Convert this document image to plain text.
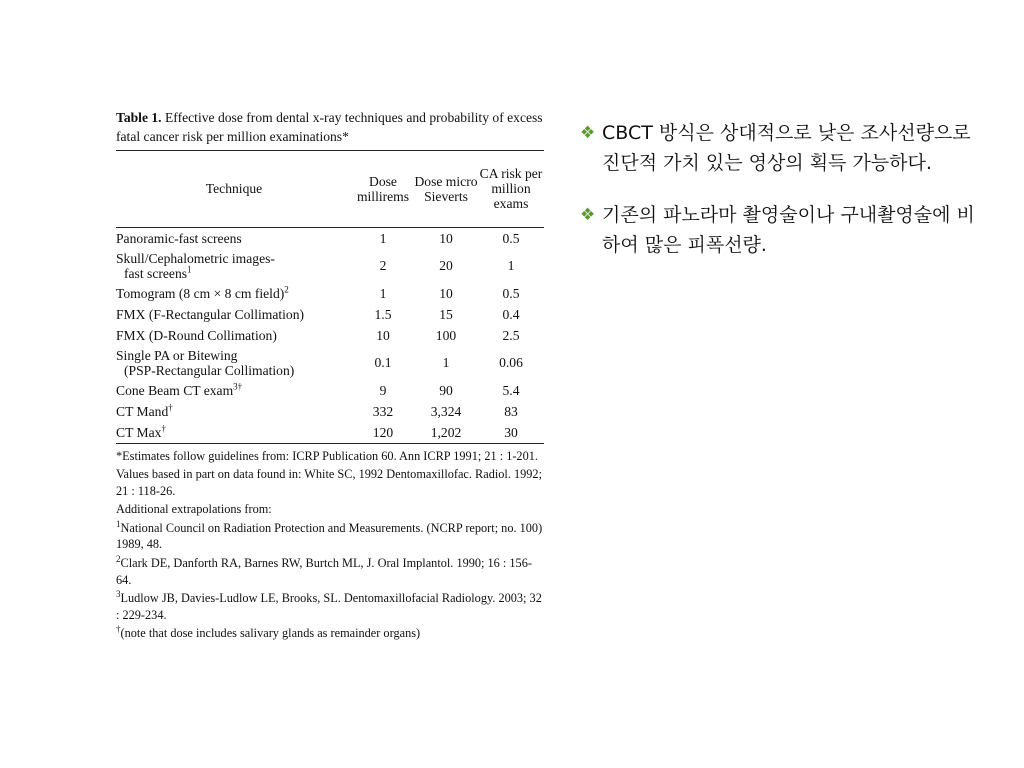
Table 1. Effective dose from dental x-ray techniques and probability of excess fatal cancer risk per million examinations*

Technique	Dose millirems	Dose micro Sieverts	CA risk per million exams
Panoramic-fast screens	1	10	0.5
Skull/Cephalometric images-
fast screens$^1$	2	20	1
Tomogram (8 cm × 8 cm field)$^2$	1	10	0.5
FMX (F-Rectangular Collimation)	1.5	15	0.4
FMX (D-Round Collimation)	10	100	2.5
Single PA or Bitewing
(PSP-Rectangular Collimation)	0.1	1	0.06
Cone Beam CT exam$^{3\dagger}$	9	90	5.4
CT Mand†	332	3,324	83
CT Max†	120	1,202	30

*Estimates follow guidelines from: ICRP Publication 60. Ann ICRP 1991; 21 : 1-201.

Values based in part on data found in: White SC, 1992 Dentomaxillofac. Radiol. 1992; 21 : 118-26.

Additional extrapolations from:

$^1$National Council on Radiation Protection and Measurements. (NCRP report; no. 100) 1989, 48.

$^2$Clark DE, Danforth RA, Barnes RW, Burtch ML, J. Oral Implantol. 1990; 16 : 156-64.

$^3$Ludlow JB, Davies-Ludlow LE, Brooks, SL. Dentomaxillofacial Radiology. 2003; 32 : 229-234.

†(note that dose includes salivary glands as remainder organs)

❖ CBCT 방식은 상대적으로 낮은 조사선량으로 진단적 가치 있는 영상의 획득 가능하다.
❖ 기존의 파노라마 촬영술이나 구내촬영술에 비하여 많은 피폭선량.
